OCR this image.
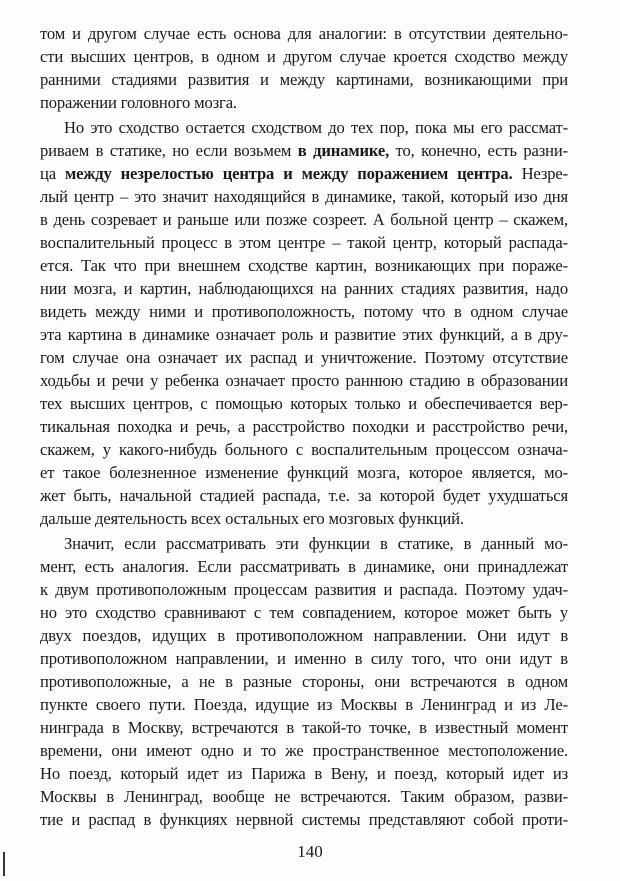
том и другом случае есть основа для аналогии: в отсутствии деятельно-
сти высших центров, в одном и другом случае кроется сходство между
ранними стадиями развития и между картинами, возникающими при
поражении головного мозга.
Но это сходство остается сходством до тех пор, пока мы его рассмат-
риваем в статике, но если возьмем в динамике, то, конечно, есть разни-
ца между незрелостью центра и между поражением центра. Незре-
лый центр – это значит находящийся в динамике, такой, который изо дня
в день созревает и раньше или позже созреет. А больной центр – скажем,
воспалительный процесс в этом центре – такой центр, который распада-
ется. Так что при внешнем сходстве картин, возникающих при пораже-
нии мозга, и картин, наблюдающихся на ранних стадиях развития, надо
видеть между ними и противоположность, потому что в одном случае
эта картина в динамике означает роль и развитие этих функций, а в дру-
гом случае она означает их распад и уничтожение. Поэтому отсутствие
ходьбы и речи у ребенка означает просто раннюю стадию в образовании
тех высших центров, с помощью которых только и обеспечивается вер-
тикальная походка и речь, а расстройство походки и расстройство речи,
скажем, у какого-нибудь больного с воспалительным процессом означа-
ет такое болезненное изменение функций мозга, которое является, мо-
жет быть, начальной стадией распада, т.е. за которой будет ухудшаться
дальше деятельность всех остальных его мозговых функций.
Значит, если рассматривать эти функции в статике, в данный мо-
мент, есть аналогия. Если рассматривать в динамике, они принадлежат
к двум противоположным процессам развития и распада. Поэтому удач-
но это сходство сравнивают с тем совпадением, которое может быть у
двух поездов, идущих в противоположном направлении. Они идут в
противоположном направлении, и именно в силу того, что они идут в
противоположные, а не в разные стороны, они встречаются в одном
пункте своего пути. Поезда, идущие из Москвы в Ленинград и из Ле-
нинграда в Москву, встречаются в такой-то точке, в известный момент
времени, они имеют одно и то же пространственное местоположение.
Но поезд, который идет из Парижа в Вену, и поезд, который идет из
Москвы в Ленинград, вообще не встречаются. Таким образом, разви-
тие и распад в функциях нервной системы представляют собой проти-
140
